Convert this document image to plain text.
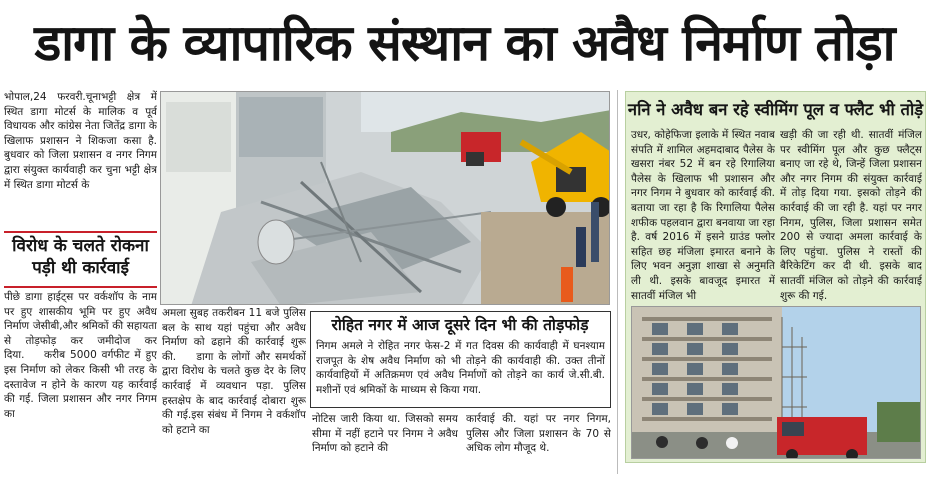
डागा के व्यापारिक संस्थान का अवैध निर्माण तोड़ा
भोपाल,24 फरवरी.चूनाभट्टी क्षेत्र में स्थित डागा मोटर्स के मालिक व पूर्व विधायक और कांग्रेस नेता जितेंद्र डागा के खिलाफ प्रशासन ने शिकजा कसा है. बुधवार को जिला प्रशासन व नगर निगम द्वारा संयुक्त कार्यवाही कर चुना भट्टी क्षेत्र में स्थित डागा मोटर्स के
विरोध के चलते रोकना पड़ी थी कार्रवाई
पीछे डागा हाईट्स पर वर्कशॉप के नाम पर हुए शासकीय भूमि पर हुए अवैध निर्माण जेसीबी,और श्रमिकों की सहायता से तोड़फोड़ कर जमीदोज कर दिया.    करीब 5000 वर्गफीट में हुए इस निर्माण को लेकर किसी भी तरह के दस्तावेज न होने के कारण यह कार्रवाई की गई. जिला प्रशासन और नगर निगम का
अमला सुबह तकरीबन 11 बजे पुलिस बल के साथ यहां पहुंचा और अवैध निर्माण को ढहाने की कार्रवाई शुरू की.    डागा के लोगों और समर्थकों द्वारा विरोध के चलते कुछ देर के लिए कार्रवाई में व्यवधान पड़ा. पुलिस हस्तक्षेप के बाद कार्रवाई दोबारा शुरू की गई.इस संबंध में निगम ने वर्कशॉप को हटाने का
रोहित नगर में आज दूसरे दिन भी की तोड़फोड़
निगम अमले ने रोहित नगर फेस-2 में गत दिवस की कार्यवाही में घनश्याम राजपूत के शेष अवैध निर्माण को भी तोड़ने की कार्यवाही की. उक्त तीनों कार्यवाहियों में अतिक्रमण एवं अवैध निर्माणों को तोड़ने का कार्य जे.सी.बी. मशीनों एवं श्रमिकों के माध्यम से किया गया.
नोटिस जारी किया था. जिसको समय सीमा में नहीं हटाने पर निगम ने अवैध निर्माण को हटाने की
कार्रवाई की. यहां पर नगर निगम, पुलिस और जिला प्रशासन के 70 से अधिक लोग मौजूद थे.
ननि ने अवैध बन रहे स्वीमिंग पूल व फ्लैट भी तोड़े
उधर, कोहेफिजा इलाके में स्थित नवाब संपति में शामिल अहमदाबाद पैलेस के खसरा नंबर 52 में बन रहे रिगालिया पैलेस के खिलाफ भी प्रशासन और नगर निगम ने बुधवार को कार्रवाई की. बताया जा रहा है कि रिगालिया पैलेस शफीक पहलवान द्वारा बनवाया जा रहा है. वर्ष 2016 में इसने ग्राउंड फ्लोर सहित छह मंजिला इमारत बनाने के लिए भवन अनुज्ञा शाखा से अनुमति ली थी. इसके बावजूद इमारत में सातवीं मंजिल भी
खड़ी की जा रही थी. सातवीं मंजिल पर स्वीमिंग पूल और कुछ फ्लैट्स बनाए जा रहे थे, जिन्हें जिला प्रशासन और नगर निगम की संयुक्त कार्रवाई में तोड़ दिया गया. इसको तोड़ने की कार्रवाई की जा रही है. यहां पर नगर निगम, पुलिस, जिला प्रशासन समेत 200 से ज्यादा अमला कार्रवाई के लिए पहुंचा. पुलिस ने रास्तों की बैरिकेटिंग कर दी थी. इसके बाद सातवीं मंजिल को तोड़ने की कार्रवाई शुरू की गई.
